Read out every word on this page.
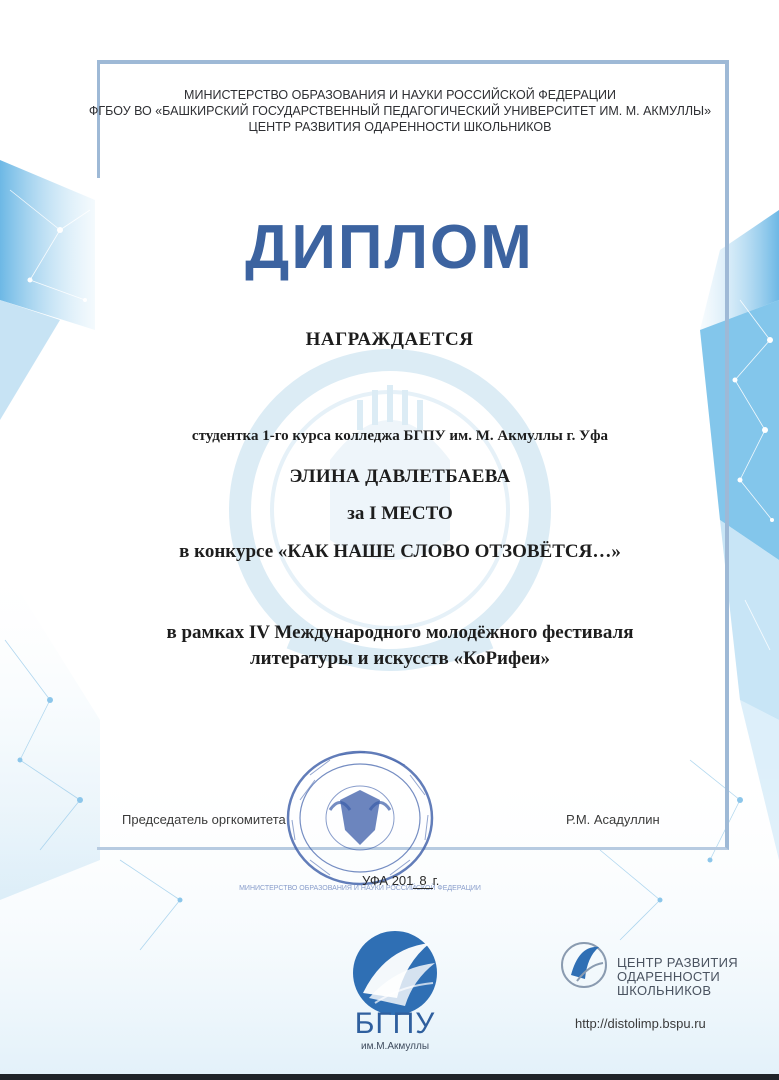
МИНИСТЕРСТВО ОБРАЗОВАНИЯ И НАУКИ РОССИЙСКОЙ ФЕДЕРАЦИИ
ФГБОУ ВО «БАШКИРСКИЙ ГОСУДАРСТВЕННЫЙ ПЕДАГОГИЧЕСКИЙ УНИВЕРСИТЕТ ИМ. М. АКМУЛЛЫ»
ЦЕНТР РАЗВИТИЯ ОДАРЕННОСТИ ШКОЛЬНИКОВ
ДИПЛОМ
НАГРАЖДАЕТСЯ
студентка 1-го курса колледжа БГПУ им. М. Акмуллы г. Уфа
ЭЛИНА ДАВЛЕТБАЕВА
за I МЕСТО
в конкурсе «КАК НАШЕ СЛОВО ОТЗОВЁТСЯ…»
в рамках IV Международного молодёжного фестиваля
литературы и искусств «КоРифеи»
МИНИСТЕРСТВО ОБРАЗОВАНИЯ И НАУКИ РОССИЙСКОЙ ФЕДЕРАЦИИ
Председатель оргкомитета	Р.М. Асадуллин
УФА 201 8 г.
БГПУ
им.М.Акмуллы
ЦЕНТР РАЗВИТИЯ
ОДАРЕННОСТИ
ШКОЛЬНИКОВ
http://distolimp.bspu.ru
